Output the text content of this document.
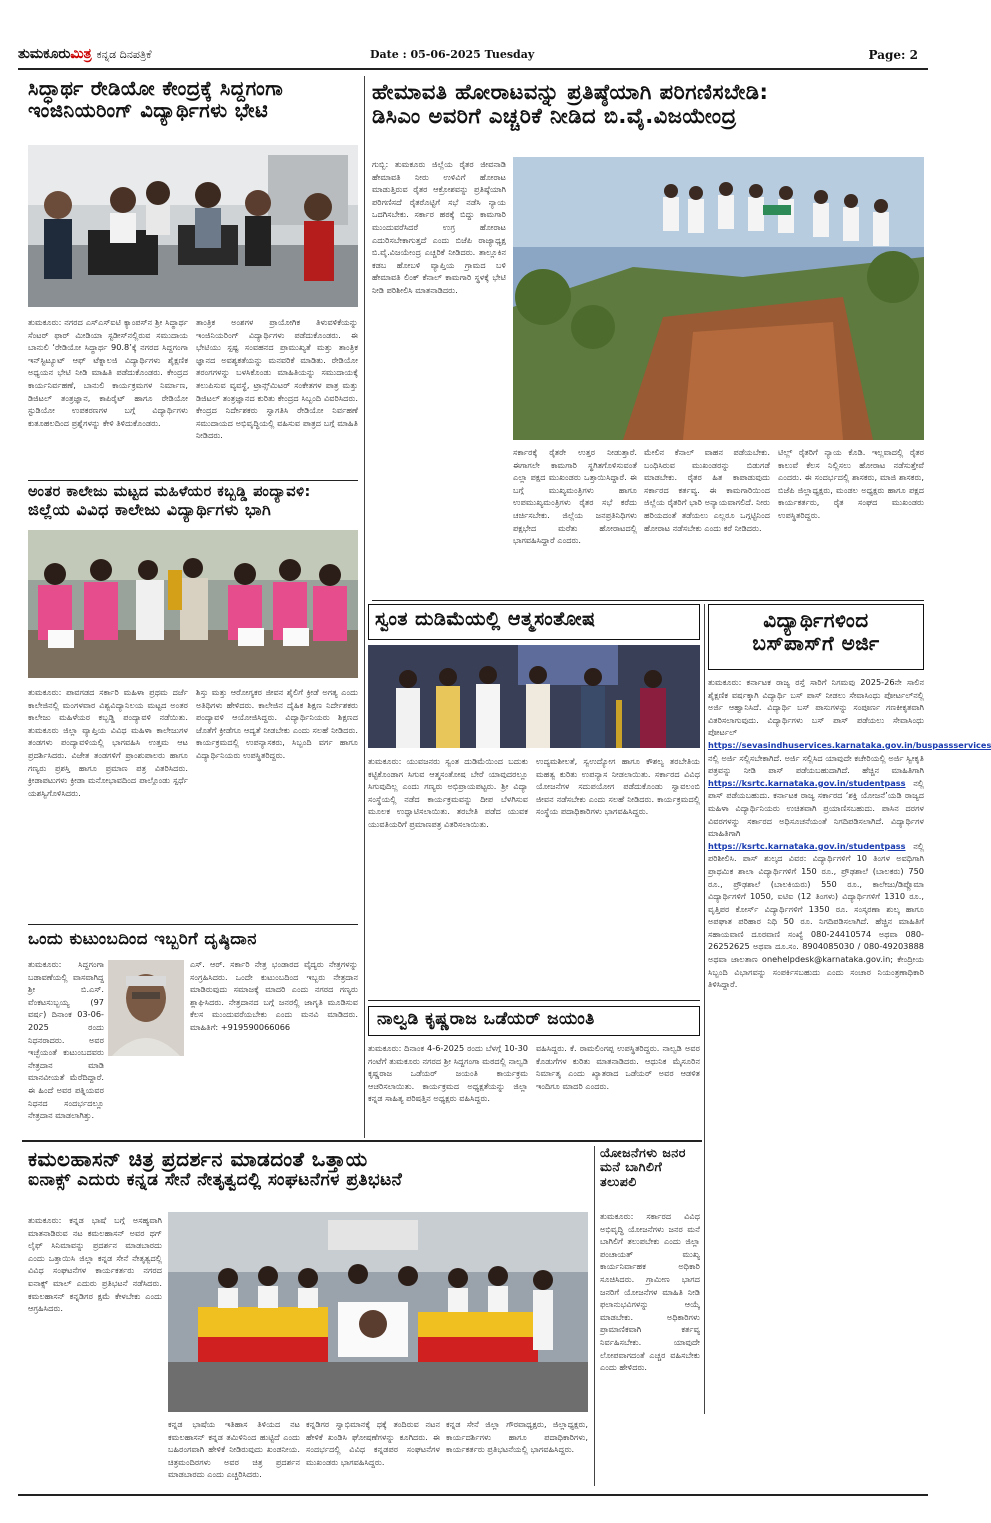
ತುಮಕೂರುಮಿತ್ರ ಕನ್ನಡ ದಿನಪತ್ರಿಕೆ	Date : 05-06-2025 Tuesday	Page: 2
ಸಿದ್ಧಾರ್ಥ ರೇಡಿಯೋ ಕೇಂದ್ರಕ್ಕೆ ಸಿದ್ದಗಂಗಾ
ಇಂಜಿನಿಯರಿಂಗ್ ವಿದ್ಯಾರ್ಥಿಗಳು ಭೇಟಿ
ತುಮಕೂರು: ನಗರದ ಎಸ್‌ಎಸ್‌ಐಟಿ ಕ್ಯಾಂಪಸ್‌ನ ಶ್ರೀ ಸಿದ್ಧಾರ್ಥ ಸೆಂಟರ್ ಫಾರ್ ಮೀಡಿಯಾ ಸ್ಟಡೀಸ್‌ನಲ್ಲಿರುವ ಸಮುದಾಯ ಬಾನುಲಿ ‘ರೇಡಿಯೋ ಸಿದ್ಧಾರ್ಥ 90.8’ಕ್ಕೆ ನಗರದ ಸಿದ್ದಗಂಗಾ ಇನ್‌ಸ್ಟಿಟ್ಯೂಟ್ ಆಫ್ ಟೆಕ್ನಾಲಜಿ ವಿದ್ಯಾರ್ಥಿಗಳು ಶೈಕ್ಷಣಿಕ ಅಧ್ಯಯನ ಭೇಟಿ ನೀಡಿ ಮಾಹಿತಿ ಪಡೆದುಕೊಂಡರು. ಕೇಂದ್ರದ ಕಾರ್ಯನಿರ್ವಹಣೆ, ಬಾನುಲಿ ಕಾರ್ಯಕ್ರಮಗಳ ನಿರ್ಮಾಣ, ಡಿಜಿಟಲ್ ತಂತ್ರಜ್ಞಾನ, ಕಾಪಿರೈಟ್ ಹಾಗೂ ರೇಡಿಯೋ ಸ್ಟುಡಿಯೋ ಉಪಕರಣಗಳ ಬಗ್ಗೆ ವಿದ್ಯಾರ್ಥಿಗಳು ಕುತೂಹಲದಿಂದ ಪ್ರಶ್ನೆಗಳನ್ನು ಕೇಳಿ ತಿಳಿದುಕೊಂಡರು.
ತಾಂತ್ರಿಕ ಅಂಶಗಳ ಪ್ರಾಯೋಗಿಕ ತಿಳುವಳಿಕೆಯನ್ನು ಇಂಜಿನಿಯರಿಂಗ್ ವಿದ್ಯಾರ್ಥಿಗಳು ಪಡೆದುಕೊಂಡರು. ಈ ಭೇಟಿಯು ಸ್ಪಷ್ಟ ಸಂವಹನದ ಪ್ರಾಮುಖ್ಯತೆ ಮತ್ತು ತಾಂತ್ರಿಕ ಜ್ಞಾನದ ಅವಶ್ಯಕತೆಯನ್ನು ಮನವರಿಕೆ ಮಾಡಿತು. ರೇಡಿಯೋ ತರಂಗಗಳನ್ನು ಬಳಸಿಕೊಂಡು ಮಾಹಿತಿಯನ್ನು ಸಮುದಾಯಕ್ಕೆ ತಲುಪಿಸುವ ವ್ಯವಸ್ಥೆ, ಟ್ರಾನ್ಸ್‌ಮಿಟರ್ ಸಂಕೇತಗಳ ಪಾತ್ರ ಮತ್ತು ಡಿಜಿಟಲ್ ತಂತ್ರಜ್ಞಾನದ ಕುರಿತು ಕೇಂದ್ರದ ಸಿಬ್ಬಂದಿ ವಿವರಿಸಿದರು. ಕೇಂದ್ರದ ನಿರ್ದೇಶಕರು ಸ್ವಾಗತಿಸಿ ರೇಡಿಯೋ ನಿರ್ವಹಣೆ ಸಮುದಾಯದ ಅಭಿವೃದ್ಧಿಯಲ್ಲಿ ವಹಿಸುವ ಪಾತ್ರದ ಬಗ್ಗೆ ಮಾಹಿತಿ ನೀಡಿದರು.
ಅಂತರ ಕಾಲೇಜು ಮಟ್ಟದ ಮಹಿಳೆಯರ ಕಬ್ಬಡ್ಡಿ ಪಂದ್ಯಾವಳಿ:
ಜಿಲ್ಲೆಯ ವಿವಿಧ ಕಾಲೇಜು ವಿದ್ಯಾರ್ಥಿಗಳು ಭಾಗಿ
ತುಮಕೂರು: ಪಾವಗಡದ ಸರ್ಕಾರಿ ಮಹಿಳಾ ಪ್ರಥಮ ದರ್ಜೆ ಕಾಲೇಜಿನಲ್ಲಿ ಮಂಗಳವಾರ ವಿಶ್ವವಿದ್ಯಾನಿಲಯ ಮಟ್ಟದ ಅಂತರ ಕಾಲೇಜು ಮಹಿಳೆಯರ ಕಬ್ಬಡ್ಡಿ ಪಂದ್ಯಾವಳಿ ನಡೆಯಿತು. ತುಮಕೂರು ಜಿಲ್ಲಾ ವ್ಯಾಪ್ತಿಯ ವಿವಿಧ ಮಹಿಳಾ ಕಾಲೇಜುಗಳ ತಂಡಗಳು ಪಂದ್ಯಾವಳಿಯಲ್ಲಿ ಭಾಗವಹಿಸಿ ಉತ್ತಮ ಆಟ ಪ್ರದರ್ಶಿಸಿದರು. ವಿಜೇತ ತಂಡಗಳಿಗೆ ಪ್ರಾಂಶುಪಾಲರು ಹಾಗೂ ಗಣ್ಯರು ಪ್ರಶಸ್ತಿ ಹಾಗೂ ಪ್ರಮಾಣ ಪತ್ರ ವಿತರಿಸಿದರು. ಕ್ರೀಡಾಪಟುಗಳು ಕ್ರೀಡಾ ಮನೋಭಾವದಿಂದ ಪಾಲ್ಗೊಂಡು ಸ್ಪರ್ಧೆ ಯಶಸ್ವಿಗೊಳಿಸಿದರು.
ಶಿಸ್ತು ಮತ್ತು ಆರೋಗ್ಯಕರ ಜೀವನ ಶೈಲಿಗೆ ಕ್ರೀಡೆ ಅಗತ್ಯ ಎಂದು ಅತಿಥಿಗಳು ಹೇಳಿದರು. ಕಾಲೇಜಿನ ದೈಹಿಕ ಶಿಕ್ಷಣ ನಿರ್ದೇಶಕರು ಪಂದ್ಯಾವಳಿ ಆಯೋಜಿಸಿದ್ದರು. ವಿದ್ಯಾರ್ಥಿನಿಯರು ಶಿಕ್ಷಣದ ಜೊತೆಗೆ ಕ್ರೀಡೆಗೂ ಆದ್ಯತೆ ನೀಡಬೇಕು ಎಂದು ಸಲಹೆ ನೀಡಿದರು. ಕಾರ್ಯಕ್ರಮದಲ್ಲಿ ಉಪನ್ಯಾಸಕರು, ಸಿಬ್ಬಂದಿ ವರ್ಗ ಹಾಗೂ ವಿದ್ಯಾರ್ಥಿನಿಯರು ಉಪಸ್ಥಿತರಿದ್ದರು.
ಒಂದು ಕುಟುಂಬದಿಂದ ಇಬ್ಬರಿಗೆ ದೃಷ್ಠಿದಾನ
ತುಮಕೂರು: ಸಿದ್ದಗಂಗಾ ಬಡಾವಣೆಯಲ್ಲಿ ವಾಸವಾಗಿದ್ದ ಶ್ರೀ ಬಿ.ಎಸ್. ವೆಂಕಟಸುಬ್ಬಯ್ಯ (97 ವರ್ಷ) ದಿನಾಂಕ 03-06-2025 ರಂದು ನಿಧನರಾದರು. ಅವರ ಇಚ್ಛೆಯಂತೆ ಕುಟುಂಬದವರು ನೇತ್ರದಾನ ಮಾಡಿ ಮಾನವೀಯತೆ ಮೆರೆದಿದ್ದಾರೆ. ಈ ಹಿಂದೆ ಅವರ ಪತ್ನಿಯವರ ನಿಧನದ ಸಂದರ್ಭದಲ್ಲೂ ನೇತ್ರದಾನ ಮಾಡಲಾಗಿತ್ತು.
ಎಸ್. ಆರ್. ಸರ್ಕಾರಿ ನೇತ್ರ ಭಂಡಾರದ ವೈದ್ಯರು ನೇತ್ರಗಳನ್ನು ಸಂಗ್ರಹಿಸಿದರು. ಒಂದೇ ಕುಟುಂಬದಿಂದ ಇಬ್ಬರು ನೇತ್ರದಾನ ಮಾಡಿರುವುದು ಸಮಾಜಕ್ಕೆ ಮಾದರಿ ಎಂದು ನಗರದ ಗಣ್ಯರು ಶ್ಲಾಘಿಸಿದರು. ನೇತ್ರದಾನದ ಬಗ್ಗೆ ಜನರಲ್ಲಿ ಜಾಗೃತಿ ಮೂಡಿಸುವ ಕೆಲಸ ಮುಂದುವರೆಯಬೇಕು ಎಂದು ಮನವಿ ಮಾಡಿದರು. ಮಾಹಿತಿಗೆ: +919590066066
ಹೇಮಾವತಿ ಹೋರಾಟವನ್ನು ಪ್ರತಿಷ್ಠೆಯಾಗಿ ಪರಿಗಣಿಸಬೇಡಿ:
ಡಿಸಿಎಂ ಅವರಿಗೆ ಎಚ್ಚರಿಕೆ ನೀಡಿದ ಬಿ.ವೈ.ವಿಜಯೇಂದ್ರ
ಗುಬ್ಬಿ: ತುಮಕೂರು ಜಿಲ್ಲೆಯ ರೈತರ ಜೀವನಾಡಿ ಹೇಮಾವತಿ ನೀರು ಉಳಿವಿಗೆ ಹೋರಾಟ ಮಾಡುತ್ತಿರುವ ರೈತರ ಆಕ್ರೋಶವನ್ನು ಪ್ರತಿಷ್ಠೆಯಾಗಿ ಪರಿಗಣಿಸದೆ ರೈತರೊಟ್ಟಿಗೆ ಸಭೆ ನಡೆಸಿ ನ್ಯಾಯ ಒದಗಿಸಬೇಕು. ಸರ್ಕಾರ ಹಠಕ್ಕೆ ಬಿದ್ದು ಕಾಮಗಾರಿ ಮುಂದುವರೆಸಿದರೆ ಉಗ್ರ ಹೋರಾಟ ಎದುರಿಸಬೇಕಾಗುತ್ತದೆ ಎಂದು ಬಿಜೆಪಿ ರಾಜ್ಯಾಧ್ಯಕ್ಷ ಬಿ.ವೈ.ವಿಜಯೇಂದ್ರ ಎಚ್ಚರಿಕೆ ನೀಡಿದರು. ತಾಲ್ಲೂಕಿನ ಕಡಬ ಹೋಬಳಿ ವ್ಯಾಪ್ತಿಯ ಗ್ರಾಮದ ಬಳಿ ಹೇಮಾವತಿ ಲಿಂಕ್ ಕೆನಾಲ್ ಕಾಮಗಾರಿ ಸ್ಥಳಕ್ಕೆ ಭೇಟಿ ನೀಡಿ ಪರಿಶೀಲಿಸಿ ಮಾತನಾಡಿದರು.
ಸರ್ಕಾರಕ್ಕೆ ರೈತರೇ ಉತ್ತರ ನೀಡುತ್ತಾರೆ. ಈಗಾಗಲೇ ಕಾಮಗಾರಿ ಸ್ಥಗಿತಗೊಳಿಸುವಂತೆ ಎಲ್ಲಾ ಪಕ್ಷದ ಮುಖಂಡರು ಒತ್ತಾಯಿಸಿದ್ದಾರೆ. ಈ ಬಗ್ಗೆ ಮುಖ್ಯಮಂತ್ರಿಗಳು ಹಾಗೂ ಉಪಮುಖ್ಯಮಂತ್ರಿಗಳು ರೈತರ ಸಭೆ ಕರೆದು ಚರ್ಚಿಸಬೇಕು. ಜಿಲ್ಲೆಯ ಜನಪ್ರತಿನಿಧಿಗಳು ಪಕ್ಷಭೇದ ಮರೆತು ಹೋರಾಟದಲ್ಲಿ ಭಾಗವಹಿಸಿದ್ದಾರೆ ಎಂದರು.
ಮೇಲಿನ ಕೆನಾಲ್ ವಾಹನ ಪಡೆಯಬೇಕು. ಬಂಧಿಸಿರುವ ಮುಖಂಡರನ್ನು ಬಿಡುಗಡೆ ಮಾಡಬೇಕು. ರೈತರ ಹಿತ ಕಾಪಾಡುವುದು ಸರ್ಕಾರದ ಕರ್ತವ್ಯ. ಈ ಕಾಮಗಾರಿಯಿಂದ ಜಿಲ್ಲೆಯ ರೈತರಿಗೆ ಭಾರಿ ಅನ್ಯಾಯವಾಗಲಿದೆ. ನೀರು ಹರಿಯದಂತೆ ತಡೆಯಲು ಎಲ್ಲರೂ ಒಗ್ಗಟ್ಟಿನಿಂದ ಹೋರಾಟ ನಡೆಸಬೇಕು ಎಂದು ಕರೆ ನೀಡಿದರು.
ಟಿಲ್ಲ್ ರೈತರಿಗೆ ನ್ಯಾಯ ಕೊಡಿ. ಇಲ್ಲವಾದಲ್ಲಿ ರೈತರ ಕಾಲುವೆ ಕೆಲಸ ನಿಲ್ಲಿಸಲು ಹೋರಾಟ ನಡೆಸುತ್ತೇವೆ ಎಂದರು. ಈ ಸಂದರ್ಭದಲ್ಲಿ ಶಾಸಕರು, ಮಾಜಿ ಶಾಸಕರು, ಬಿಜೆಪಿ ಜಿಲ್ಲಾಧ್ಯಕ್ಷರು, ಮಂಡಲ ಅಧ್ಯಕ್ಷರು ಹಾಗೂ ಪಕ್ಷದ ಕಾರ್ಯಕರ್ತರು, ರೈತ ಸಂಘದ ಮುಖಂಡರು ಉಪಸ್ಥಿತರಿದ್ದರು.
ಸ್ವಂತ ದುಡಿಮೆಯಲ್ಲಿ ಆತ್ಮಸಂತೋಷ
ತುಮಕೂರು: ಯುವಜನರು ಸ್ವಂತ ದುಡಿಮೆಯಿಂದ ಬದುಕು ಕಟ್ಟಿಕೊಂಡಾಗ ಸಿಗುವ ಆತ್ಮಸಂತೋಷ ಬೇರೆ ಯಾವುದರಲ್ಲೂ ಸಿಗುವುದಿಲ್ಲ ಎಂದು ಗಣ್ಯರು ಅಭಿಪ್ರಾಯಪಟ್ಟರು. ಶ್ರೀ ವಿದ್ಯಾ ಸಂಸ್ಥೆಯಲ್ಲಿ ನಡೆದ ಕಾರ್ಯಕ್ರಮವನ್ನು ದೀಪ ಬೆಳಗಿಸುವ ಮೂಲಕ ಉದ್ಘಾಟಿಸಲಾಯಿತು. ತರಬೇತಿ ಪಡೆದ ಯುವಕ ಯುವತಿಯರಿಗೆ ಪ್ರಮಾಣಪತ್ರ ವಿತರಿಸಲಾಯಿತು.
ಉದ್ಯಮಶೀಲತೆ, ಸ್ವಉದ್ಯೋಗ ಹಾಗೂ ಕೌಶಲ್ಯ ತರಬೇತಿಯ ಮಹತ್ವ ಕುರಿತು ಉಪನ್ಯಾಸ ನೀಡಲಾಯಿತು. ಸರ್ಕಾರದ ವಿವಿಧ ಯೋಜನೆಗಳ ಸದುಪಯೋಗ ಪಡೆದುಕೊಂಡು ಸ್ವಾವಲಂಬಿ ಜೀವನ ನಡೆಸಬೇಕು ಎಂದು ಸಲಹೆ ನೀಡಿದರು. ಕಾರ್ಯಕ್ರಮದಲ್ಲಿ ಸಂಸ್ಥೆಯ ಪದಾಧಿಕಾರಿಗಳು ಭಾಗವಹಿಸಿದ್ದರು.
ನಾಲ್ವಡಿ ಕೃಷ್ಣರಾಜ ಒಡೆಯರ್ ಜಯಂತಿ
ತುಮಕೂರು: ದಿನಾಂಕ 4-6-2025 ರಂದು ಬೆಳಗ್ಗೆ 10-30 ಗಂಟೆಗೆ ತುಮಕೂರು ನಗರದ ಶ್ರೀ ಸಿದ್ದಗಂಗಾ ಮಠದಲ್ಲಿ ನಾಲ್ವಡಿ ಕೃಷ್ಣರಾಜ ಒಡೆಯರ್ ಜಯಂತಿ ಕಾರ್ಯಕ್ರಮ ಆಚರಿಸಲಾಯಿತು. ಕಾರ್ಯಕ್ರಮದ ಅಧ್ಯಕ್ಷತೆಯನ್ನು ಜಿಲ್ಲಾ ಕನ್ನಡ ಸಾಹಿತ್ಯ ಪರಿಷತ್ತಿನ ಅಧ್ಯಕ್ಷರು ವಹಿಸಿದ್ದರು.
ವಹಿಸಿದ್ದರು. ಕೆ. ರಾಮಲಿಂಗಪ್ಪ ಉಪಸ್ಥಿತರಿದ್ದರು. ನಾಲ್ವಡಿ ಅವರ ಕೊಡುಗೆಗಳ ಕುರಿತು ಮಾತನಾಡಿದರು. ಆಧುನಿಕ ಮೈಸೂರಿನ ನಿರ್ಮಾತೃ ಎಂದು ಖ್ಯಾತರಾದ ಒಡೆಯರ್ ಅವರ ಆಡಳಿತ ಇಂದಿಗೂ ಮಾದರಿ ಎಂದರು.
ವಿದ್ಯಾರ್ಥಿಗಳಿಂದ
ಬಸ್‌ಪಾಸ್‌ಗೆ ಅರ್ಜಿ
ತುಮಕೂರು: ಕರ್ನಾಟಕ ರಾಜ್ಯ ರಸ್ತೆ ಸಾರಿಗೆ ನಿಗಮವು 2025-26ನೇ ಸಾಲಿನ ಶೈಕ್ಷಣಿಕ ವರ್ಷಕ್ಕಾಗಿ ವಿದ್ಯಾರ್ಥಿ ಬಸ್ ಪಾಸ್ ನೀಡಲು ಸೇವಾಸಿಂಧು ಪೋರ್ಟಲ್‌ನಲ್ಲಿ ಅರ್ಜಿ ಆಹ್ವಾನಿಸಿದೆ. ವಿದ್ಯಾರ್ಥಿ ಬಸ್ ಪಾಸುಗಳನ್ನು ಸಂಪೂರ್ಣ ಗಣಕೀಕೃತವಾಗಿ ವಿತರಿಸಲಾಗುವುದು. ವಿದ್ಯಾರ್ಥಿಗಳು ಬಸ್ ಪಾಸ್ ಪಡೆಯಲು ಸೇವಾಸಿಂಧು ಪೋರ್ಟಲ್ https://sevasindhuservices.karnataka.gov.in/buspassservices ನಲ್ಲಿ ಅರ್ಜಿ ಸಲ್ಲಿಸಬೇಕಾಗಿದೆ. ಅರ್ಜಿ ಸಲ್ಲಿಸಿದ ಯಾವುದೇ ಕಚೇರಿಯಲ್ಲಿ ಅರ್ಜಿ ಸ್ವೀಕೃತಿ ಪತ್ರವನ್ನು ನೀಡಿ ಪಾಸ್ ಪಡೆಯಬಹುದಾಗಿದೆ. ಹೆಚ್ಚಿನ ಮಾಹಿತಿಗಾಗಿ https://ksrtc.karnataka.gov.in/studentpass ನಲ್ಲಿ ಪಾಸ್ ಪಡೆಯಬಹುದು. ಕರ್ನಾಟಕ ರಾಜ್ಯ ಸರ್ಕಾರದ ‘ಶಕ್ತಿ ಯೋಜನೆ’ಯಡಿ ರಾಜ್ಯದ ಮಹಿಳಾ ವಿದ್ಯಾರ್ಥಿನಿಯರು ಉಚಿತವಾಗಿ ಪ್ರಯಾಣಿಸಬಹುದು. ಪಾಸಿನ ದರಗಳ ವಿವರಗಳನ್ನು ಸರ್ಕಾರದ ಅಧಿಸೂಚನೆಯಂತೆ ನಿಗದಿಪಡಿಸಲಾಗಿದೆ. ವಿದ್ಯಾರ್ಥಿಗಳ ಮಾಹಿತಿಗಾಗಿ https://ksrtc.karnataka.gov.in/studentpass ನಲ್ಲಿ ಪರಿಶೀಲಿಸಿ. ಪಾಸ್ ಶುಲ್ಕದ ವಿವರ: ವಿದ್ಯಾರ್ಥಿಗಳಿಗೆ 10 ತಿಂಗಳ ಅವಧಿಗಾಗಿ ಪ್ರಾಥಮಿಕ ಶಾಲಾ ವಿದ್ಯಾರ್ಥಿಗಳಿಗೆ 150 ರೂ., ಪ್ರೌಢಶಾಲೆ (ಬಾಲಕರು) 750 ರೂ., ಪ್ರೌಢಶಾಲೆ (ಬಾಲಕಿಯರು) 550 ರೂ., ಕಾಲೇಜು/ಡಿಪ್ಲೊಮಾ ವಿದ್ಯಾರ್ಥಿಗಳಿಗೆ 1050, ಐಟಿಐ (12 ತಿಂಗಳು) ವಿದ್ಯಾರ್ಥಿಗಳಿಗೆ 1310 ರೂ., ವೃತ್ತಿಪರ ಕೋರ್ಸ್ ವಿದ್ಯಾರ್ಥಿಗಳಿಗೆ 1350 ರೂ. ಸಂಸ್ಕರಣಾ ಶುಲ್ಕ ಹಾಗೂ ಅಪಘಾತ ಪರಿಹಾರ ನಿಧಿ 50 ರೂ. ನಿಗದಿಪಡಿಸಲಾಗಿದೆ. ಹೆಚ್ಚಿನ ಮಾಹಿತಿಗೆ ಸಹಾಯವಾಣಿ ದೂರವಾಣಿ ಸಂಖ್ಯೆ 080-24410574 ಅಥವಾ 080-26252625 ಅಥವಾ ದೂ.ಸಂ. 8904085030 / 080-49203888 ಅಥವಾ ಜಾಲತಾಣ onehelpdesk@karnataka.gov.in; ಕೇಂದ್ರೀಯ ಸಿಬ್ಬಂದಿ ವಿಭಾಗವನ್ನು ಸಂಪರ್ಕಿಸಬಹುದು ಎಂದು ಸಂಚಾರ ನಿಯಂತ್ರಣಾಧಿಕಾರಿ ತಿಳಿಸಿದ್ದಾರೆ.
ಕಮಲಹಾಸನ್ ಚಿತ್ರ ಪ್ರದರ್ಶನ ಮಾಡದಂತೆ ಒತ್ತಾಯ
ಐನಾಕ್ಸ್ ಎದುರು ಕನ್ನಡ ಸೇನೆ ನೇತೃತ್ವದಲ್ಲಿ ಸಂಘಟನೆಗಳ ಪ್ರತಿಭಟನೆ
ತುಮಕೂರು: ಕನ್ನಡ ಭಾಷೆ ಬಗ್ಗೆ ಅಸಹ್ಯವಾಗಿ ಮಾತನಾಡಿರುವ ನಟ ಕಮಲಹಾಸನ್ ಅವರ ಥಗ್ ಲೈಫ್ ಸಿನಿಮಾವನ್ನು ಪ್ರದರ್ಶನ ಮಾಡಬಾರದು ಎಂದು ಒತ್ತಾಯಿಸಿ ಜಿಲ್ಲಾ ಕನ್ನಡ ಸೇನೆ ನೇತೃತ್ವದಲ್ಲಿ ವಿವಿಧ ಸಂಘಟನೆಗಳ ಕಾರ್ಯಕರ್ತರು ನಗರದ ಐನಾಕ್ಸ್ ಮಾಲ್ ಎದುರು ಪ್ರತಿಭಟನೆ ನಡೆಸಿದರು. ಕಮಲಹಾಸನ್ ಕನ್ನಡಿಗರ ಕ್ಷಮೆ ಕೇಳಬೇಕು ಎಂದು ಆಗ್ರಹಿಸಿದರು.
ಕನ್ನಡ ಭಾಷೆಯ ಇತಿಹಾಸ ತಿಳಿಯದ ನಟ ಕಮಲಹಾಸನ್ ಕನ್ನಡ ತಮಿಳಿನಿಂದ ಹುಟ್ಟಿದೆ ಎಂದು ಬಹಿರಂಗವಾಗಿ ಹೇಳಿಕೆ ನೀಡಿರುವುದು ಖಂಡನೀಯ. ಚಿತ್ರಮಂದಿರಗಳು ಅವರ ಚಿತ್ರ ಪ್ರದರ್ಶನ ಮಾಡಬಾರದು ಎಂದು ಎಚ್ಚರಿಸಿದರು.
ಕನ್ನಡಿಗರ ಸ್ವಾಭಿಮಾನಕ್ಕೆ ಧಕ್ಕೆ ತಂದಿರುವ ನಟನ ಹೇಳಿಕೆ ಖಂಡಿಸಿ ಘೋಷಣೆಗಳನ್ನು ಕೂಗಿದರು. ಈ ಸಂದರ್ಭದಲ್ಲಿ ವಿವಿಧ ಕನ್ನಡಪರ ಸಂಘಟನೆಗಳ ಮುಖಂಡರು ಭಾಗವಹಿಸಿದ್ದರು.
ಕನ್ನಡ ಸೇನೆ ಜಿಲ್ಲಾ ಗೌರವಾಧ್ಯಕ್ಷರು, ಜಿಲ್ಲಾಧ್ಯಕ್ಷರು, ಕಾರ್ಯದರ್ಶಿಗಳು ಹಾಗೂ ಪದಾಧಿಕಾರಿಗಳು, ಕಾರ್ಯಕರ್ತರು ಪ್ರತಿಭಟನೆಯಲ್ಲಿ ಭಾಗವಹಿಸಿದ್ದರು.
ಯೋಜನೆಗಳು ಜನರ ಮನೆ ಬಾಗಿಲಿಗೆ ತಲುಪಲಿ
ತುಮಕೂರು: ಸರ್ಕಾರದ ವಿವಿಧ ಅಭಿವೃದ್ಧಿ ಯೋಜನೆಗಳು ಜನರ ಮನೆ ಬಾಗಿಲಿಗೆ ತಲುಪಬೇಕು ಎಂದು ಜಿಲ್ಲಾ ಪಂಚಾಯತ್ ಮುಖ್ಯ ಕಾರ್ಯನಿರ್ವಾಹಕ ಅಧಿಕಾರಿ ಸೂಚಿಸಿದರು. ಗ್ರಾಮೀಣ ಭಾಗದ ಜನರಿಗೆ ಯೋಜನೆಗಳ ಮಾಹಿತಿ ನೀಡಿ ಫಲಾನುಭವಿಗಳನ್ನು ಆಯ್ಕೆ ಮಾಡಬೇಕು. ಅಧಿಕಾರಿಗಳು ಪ್ರಾಮಾಣಿಕವಾಗಿ ಕರ್ತವ್ಯ ನಿರ್ವಹಿಸಬೇಕು. ಯಾವುದೇ ಲೋಪವಾಗದಂತೆ ಎಚ್ಚರ ವಹಿಸಬೇಕು ಎಂದು ಹೇಳಿದರು.
